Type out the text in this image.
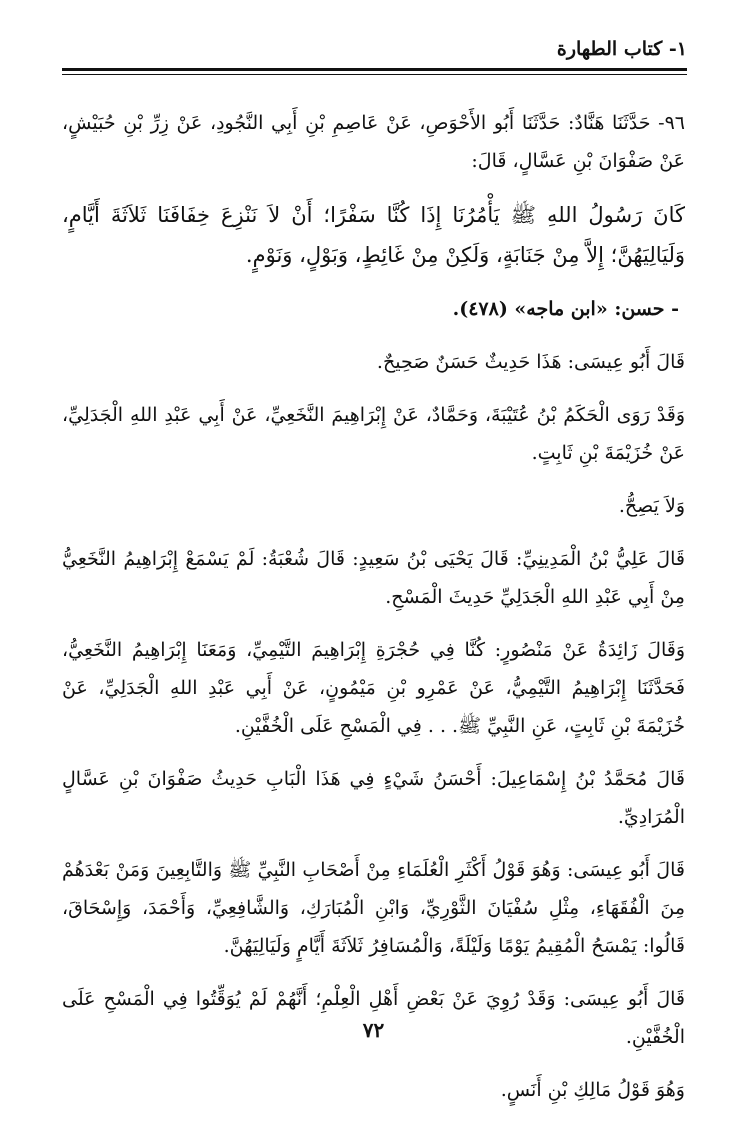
١- كتاب الطهارة

٩٦- حَدَّثَنَا هَنَّادٌ: حَدَّثَنَا أَبُو الأَحْوَصِ، عَنْ عَاصِمِ بْنِ أَبِي النَّجُودِ، عَنْ زِرِّ بْنِ حُبَيْشٍ، عَنْ صَفْوَانَ بْنِ عَسَّالٍ، قَالَ:

كَانَ رَسُولُ اللهِ ﷺ يَأْمُرُنَا إِذَا كُنَّا سَفْرًا؛ أَنْ لاَ نَنْزِعَ خِفَافَنَا ثَلاَثَةَ أَيَّامٍ، وَلَيَالِيَهُنَّ؛ إِلاَّ مِنْ جَنَابَةٍ، وَلَكِنْ مِنْ غَائِطٍ، وَبَوْلٍ، وَنَوْمٍ.

- حسن: «ابن ماجه» (٤٧٨).

قَالَ أَبُو عِيسَى: هَذَا حَدِيثٌ حَسَنٌ صَحِيحٌ.

وَقَدْ رَوَى الْحَكَمُ بْنُ عُتَيْبَةَ، وَحَمَّادٌ، عَنْ إِبْرَاهِيمَ النَّخَعِيِّ، عَنْ أَبِي عَبْدِ اللهِ الْجَدَلِيِّ، عَنْ خُزَيْمَةَ بْنِ ثَابِتٍ.

وَلاَ يَصِحُّ.

قَالَ عَلِيُّ بْنُ الْمَدِينِيِّ: قَالَ يَحْيَى بْنُ سَعِيدٍ: قَالَ شُعْبَةُ: لَمْ يَسْمَعْ إِبْرَاهِيمُ النَّخَعِيُّ مِنْ أَبِي عَبْدِ اللهِ الْجَدَلِيِّ حَدِيثَ الْمَسْحِ.

وَقَالَ زَائِدَةُ عَنْ مَنْصُورٍ: كُنَّا فِي حُجْرَةِ إِبْرَاهِيمَ التَّيْمِيِّ، وَمَعَنَا إِبْرَاهِيمُ النَّخَعِيُّ، فَحَدَّثَنَا إِبْرَاهِيمُ التَّيْمِيُّ، عَنْ عَمْرِو بْنِ مَيْمُونٍ، عَنْ أَبِي عَبْدِ اللهِ الْجَدَلِيِّ، عَنْ خُزَيْمَةَ بْنِ ثَابِتٍ، عَنِ النَّبِيِّ ﷺ. . . فِي الْمَسْحِ عَلَى الْخُفَّيْنِ.

قَالَ مُحَمَّدُ بْنُ إِسْمَاعِيلَ: أَحْسَنُ شَيْءٍ فِي هَذَا الْبَابِ حَدِيثُ صَفْوَانَ بْنِ عَسَّالٍ الْمُرَادِيِّ.

قَالَ أَبُو عِيسَى: وَهُوَ قَوْلُ أَكْثَرِ الْعُلَمَاءِ مِنْ أَصْحَابِ النَّبِيِّ ﷺ وَالتَّابِعِينَ وَمَنْ بَعْدَهُمْ مِنَ الْفُقَهَاءِ، مِثْلِ سُفْيَانَ الثَّوْرِيِّ، وَابْنِ الْمُبَارَكِ، وَالشَّافِعِيِّ، وَأَحْمَدَ، وَإِسْحَاقَ، قَالُوا: يَمْسَحُ الْمُقِيمُ يَوْمًا وَلَيْلَةً، وَالْمُسَافِرُ ثَلاَثَةَ أَيَّامٍ وَلَيَالِيَهُنَّ.

قَالَ أَبُو عِيسَى: وَقَدْ رُوِيَ عَنْ بَعْضِ أَهْلِ الْعِلْمِ؛ أَنَّهُمْ لَمْ يُوَقِّتُوا فِي الْمَسْحِ عَلَى الْخُفَّيْنِ.

وَهُوَ قَوْلُ مَالِكِ بْنِ أَنَسٍ.

٧٢
